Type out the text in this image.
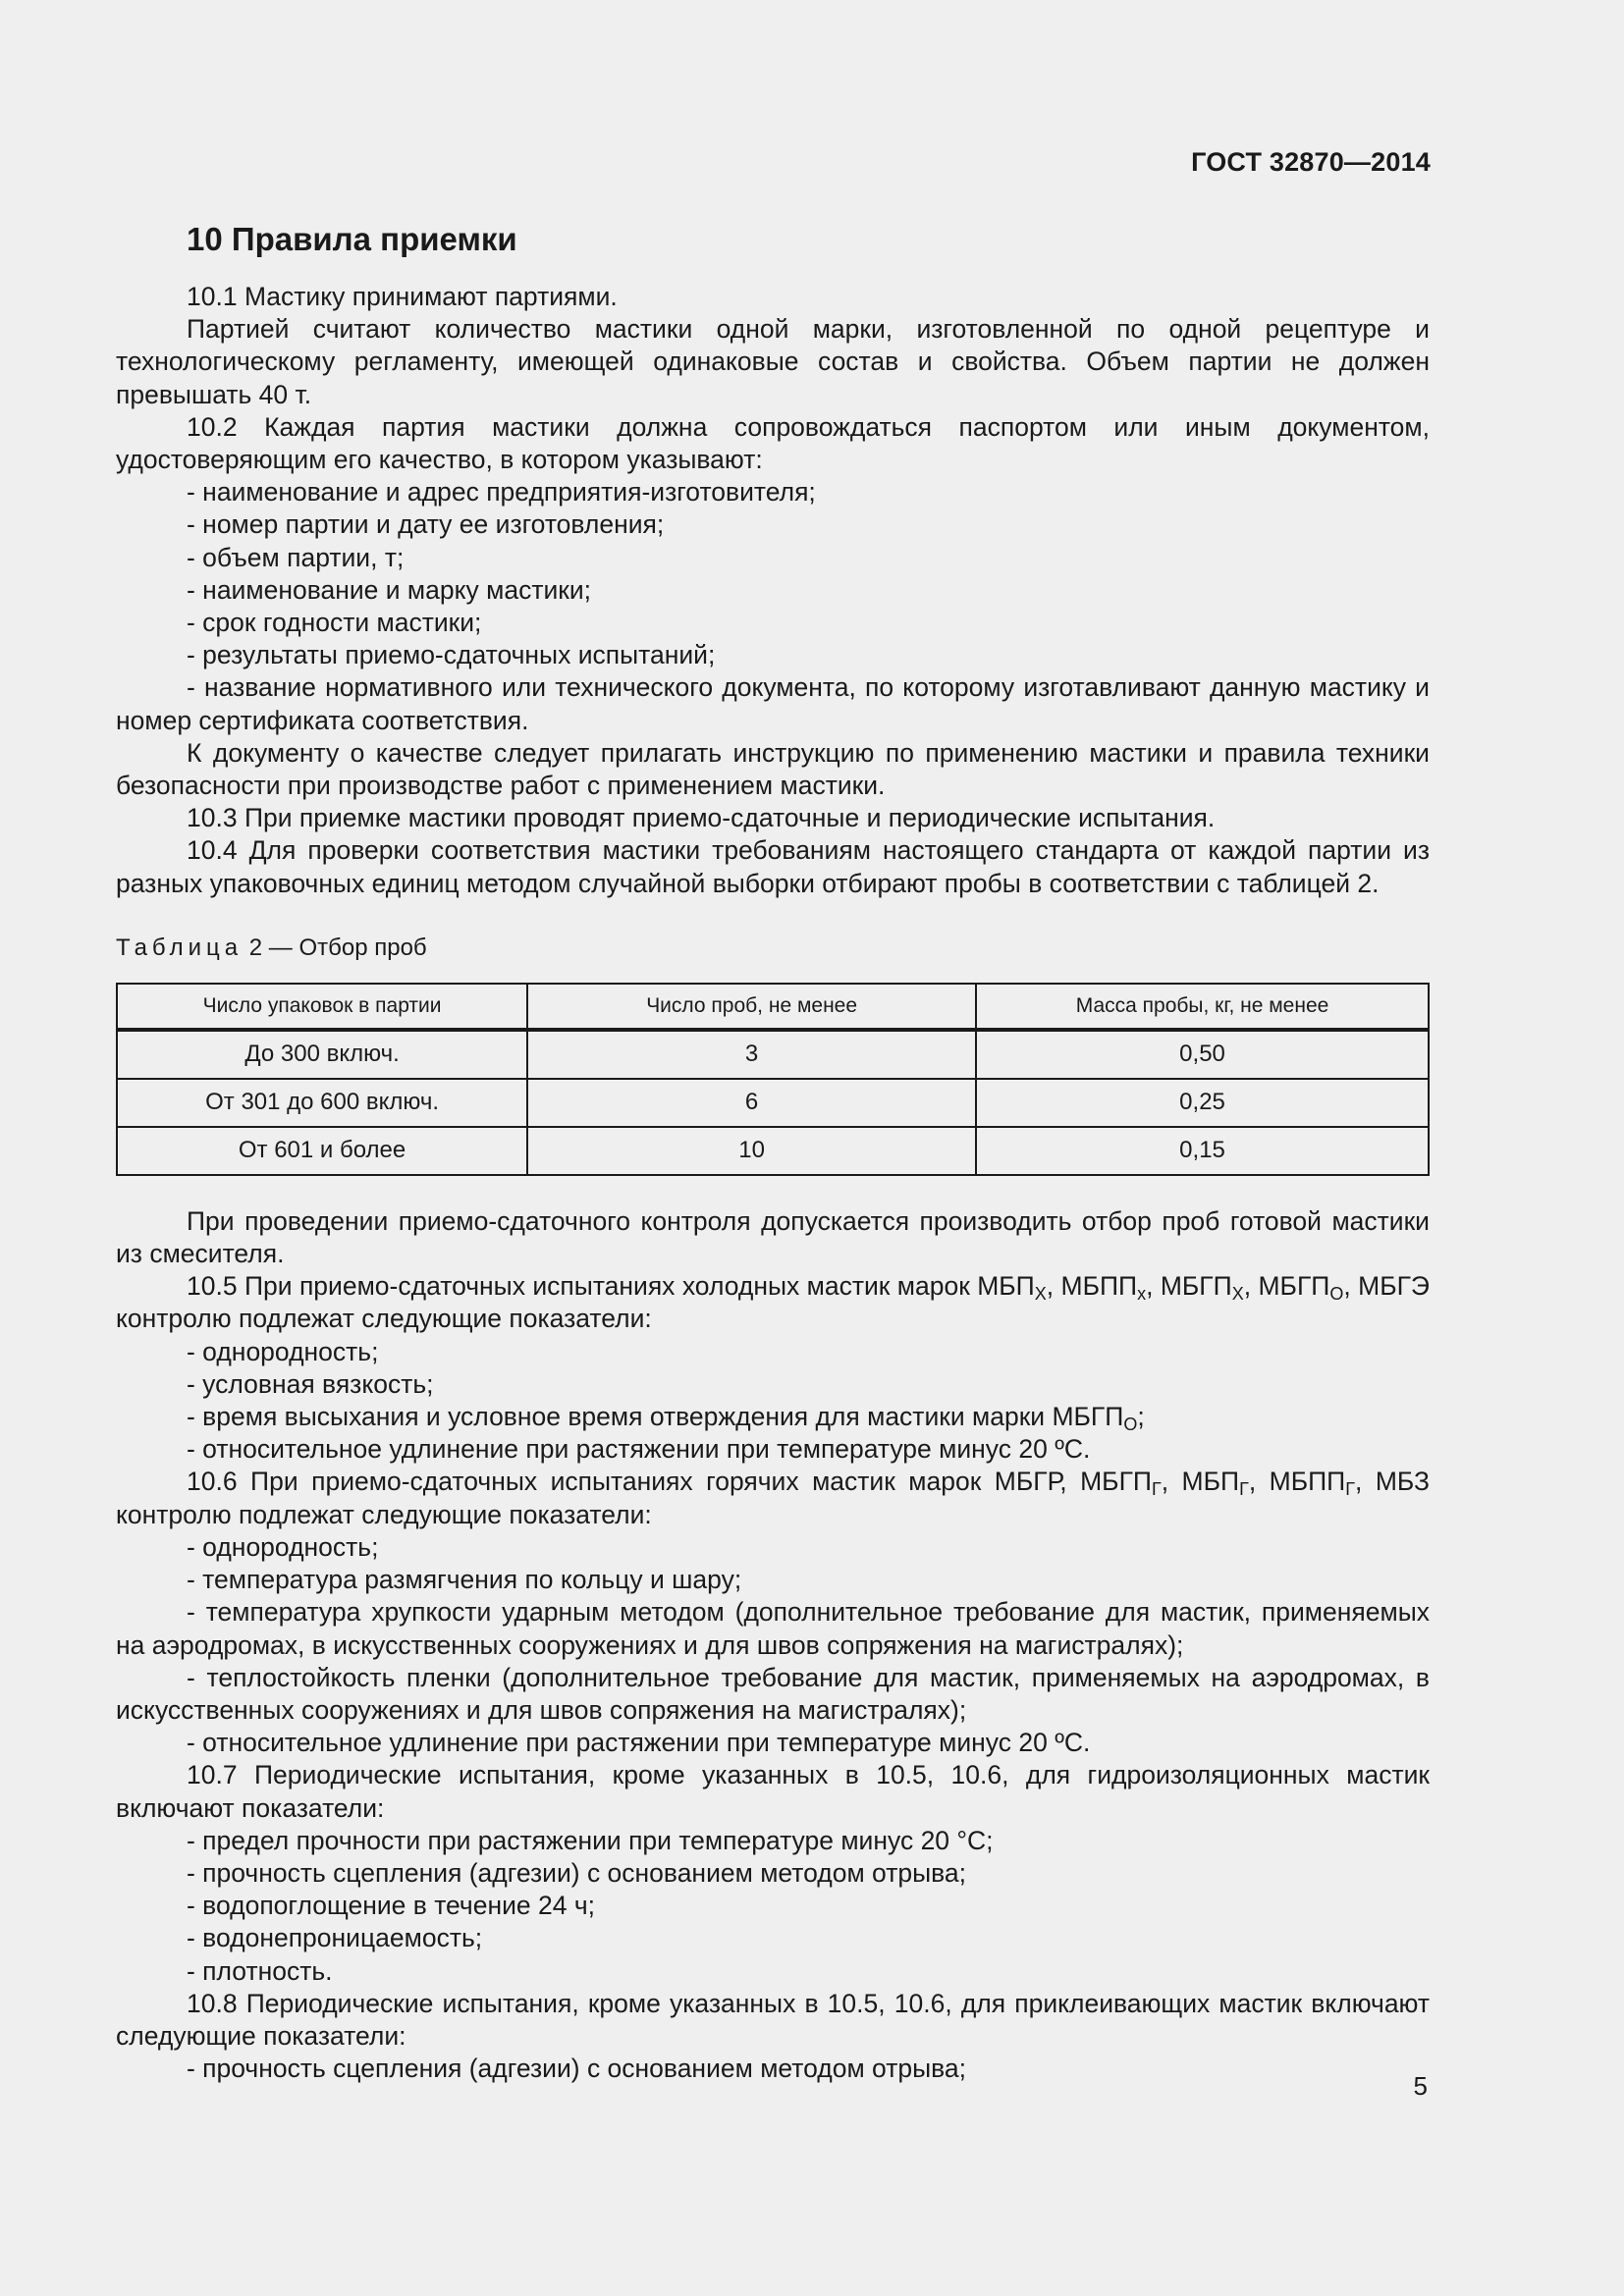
ГОСТ 32870—2014
10 Правила приемки
10.1 Мастику принимают партиями.
Партией считают количество мастики одной марки, изготовленной по одной рецептуре и технологическому регламенту, имеющей одинаковые состав и свойства. Объем партии не должен превышать 40 т.
10.2 Каждая партия мастики должна сопровождаться паспортом или иным документом, удостоверяющим его качество, в котором указывают:
- наименование и адрес предприятия-изготовителя;
- номер партии и дату ее изготовления;
- объем партии, т;
- наименование и марку мастики;
- срок годности мастики;
- результаты приемо-сдаточных испытаний;
- название нормативного или технического документа, по которому изготавливают данную мастику и номер сертификата соответствия.
К документу о качестве следует прилагать инструкцию по применению мастики и правила техники безопасности при производстве работ с применением мастики.
10.3 При приемке мастики проводят приемо-сдаточные и периодические испытания.
10.4 Для проверки соответствия мастики требованиям настоящего стандарта от каждой партии из разных упаковочных единиц методом случайной выборки отбирают пробы в соответствии с таблицей 2.
Таблица 2 — Отбор проб
Число упаковок в партии	Число проб, не менее	Масса пробы, кг, не менее
До 300 включ.	3	0,50
От 301 до 600 включ.	6	0,25
От 601 и более	10	0,15
При проведении приемо-сдаточного контроля допускается производить отбор проб готовой мастики из смесителя.
10.5 При приемо-сдаточных испытаниях холодных мастик марок $МБП_Х$, $МБПП_х$, $МБГП_Х$, $МБГП_О$, МБГЭ контролю подлежат следующие показатели:
- однородность;
- условная вязкость;
- время высыхания и условное время отверждения для мастики марки $МБГП_О$;
- относительное удлинение при растяжении при температуре минус 20 ºС.
10.6 При приемо-сдаточных испытаниях горячих мастик марок МБГР, $МБГП_Г$, $МБП_Г$, $МБПП_Г$, МБЗ контролю подлежат следующие показатели:
- однородность;
- температура размягчения по кольцу и шару;
- температура хрупкости ударным методом (дополнительное требование для мастик, применяемых на аэродромах, в искусственных сооружениях и для швов сопряжения на магистралях);
- теплостойкость пленки (дополнительное требование для мастик, применяемых на аэродромах, в искусственных сооружениях и для швов сопряжения на магистралях);
- относительное удлинение при растяжении при температуре минус 20 ºС.
10.7 Периодические испытания, кроме указанных в 10.5, 10.6, для гидроизоляционных мастик включают показатели:
- предел прочности при растяжении при температуре минус 20 °С;
- прочность сцепления (адгезии) с основанием методом отрыва;
- водопоглощение в течение 24 ч;
- водонепроницаемость;
- плотность.
10.8 Периодические испытания, кроме указанных в 10.5, 10.6, для приклеивающих мастик включают следующие показатели:
- прочность сцепления (адгезии) с основанием методом отрыва;
5
